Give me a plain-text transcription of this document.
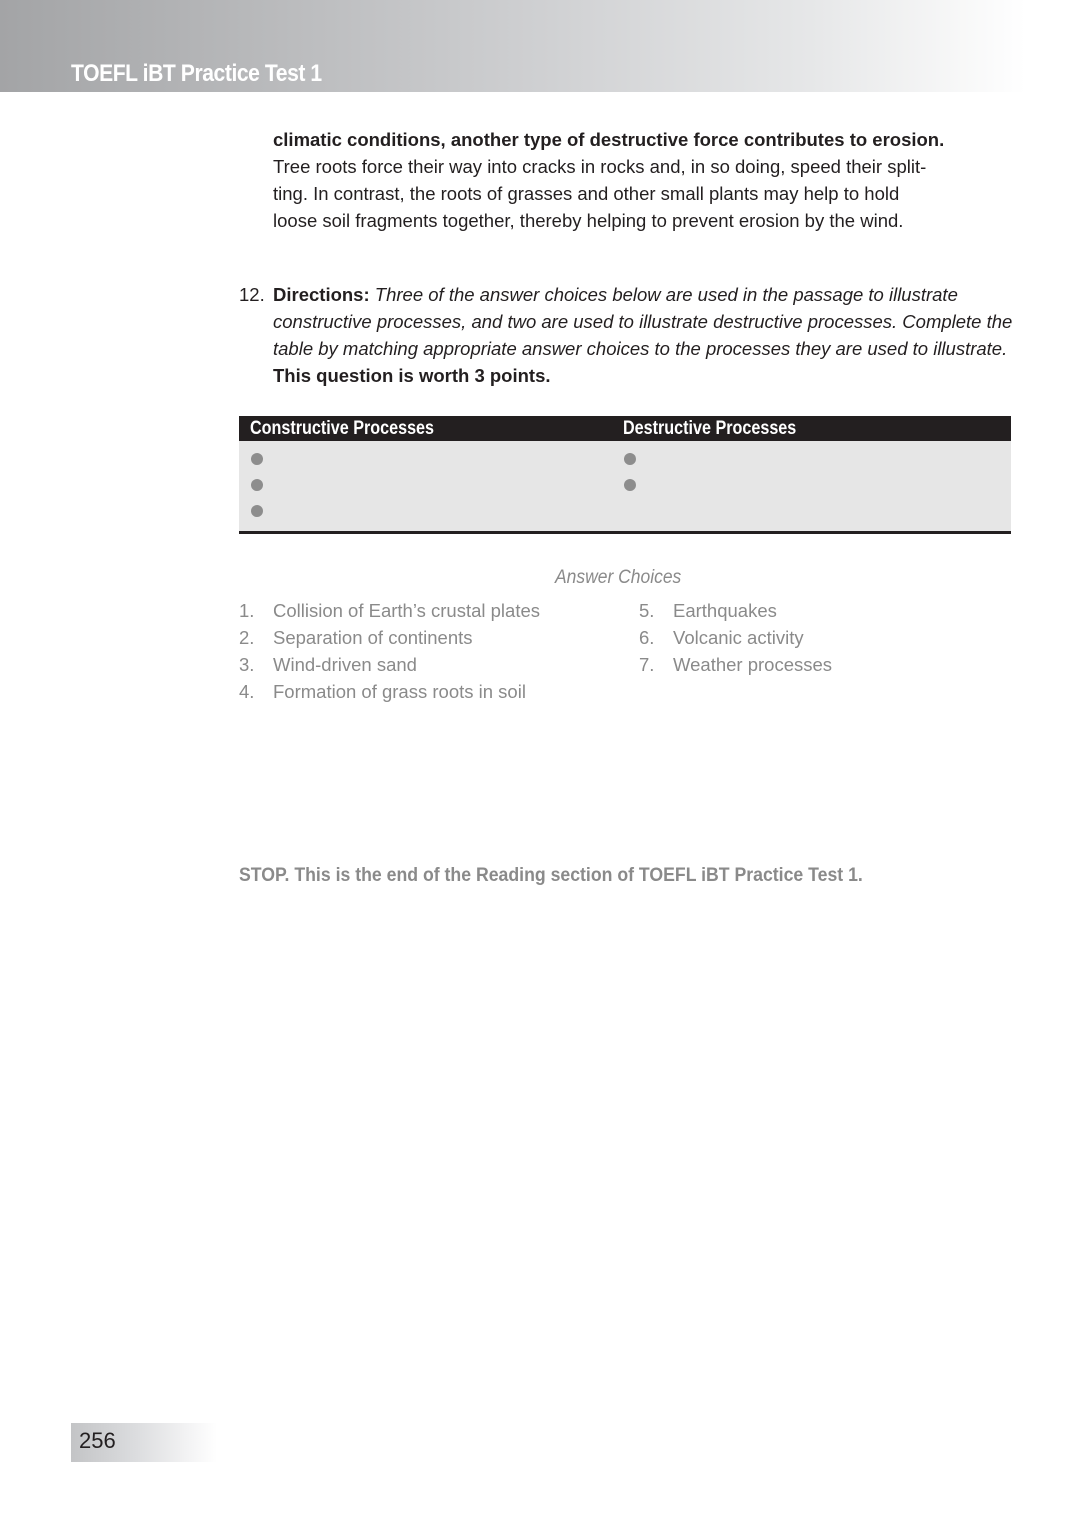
TOEFL iBT Practice Test 1

climatic conditions, another type of destructive force contributes to erosion.

Tree roots force their way into cracks in rocks and, in so doing, speed their split-

ting. In contrast, the roots of grasses and other small plants may help to hold

loose soil fragments together, thereby helping to prevent erosion by the wind.

12. Directions: Three of the answer choices below are used in the passage to illustrate constructive processes, and two are used to illustrate destructive processes. Complete the table by matching appropriate answer choices to the processes they are used to illustrate. This question is worth 3 points.
Constructive Processes	Destructive Processes
Answer Choices
1. Collision of Earth’s crustal plates
2. Separation of continents
3. Wind-driven sand
4. Formation of grass roots in soil
5. Earthquakes
6. Volcanic activity
7. Weather processes
STOP. This is the end of the Reading section of TOEFL iBT Practice Test 1.
256
